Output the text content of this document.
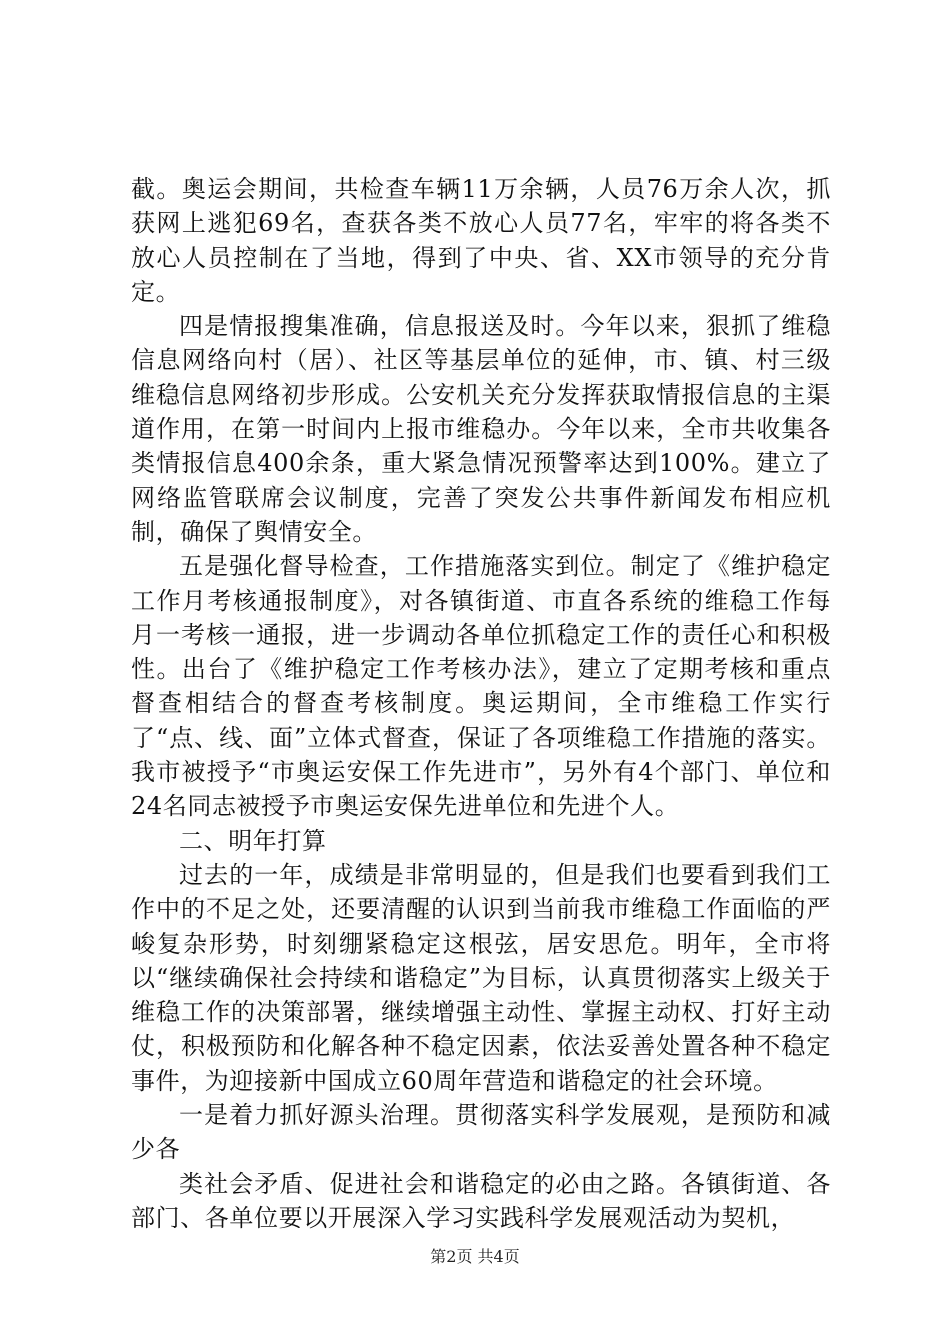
截。奥运会期间，共检查车辆11万余辆，人员76万余人次，抓获网上逃犯69名，查获各类不放心人员77名，牢牢的将各类不放心人员控制在了当地，得到了中央、省、XX市领导的充分肯定。

四是情报搜集准确，信息报送及时。今年以来，狠抓了维稳信息网络向村（居）、社区等基层单位的延伸，市、镇、村三级维稳信息网络初步形成。公安机关充分发挥获取情报信息的主渠道作用，在第一时间内上报市维稳办。今年以来，全市共收集各类情报信息400余条，重大紧急情况预警率达到100%。建立了网络监管联席会议制度，完善了突发公共事件新闻发布相应机制，确保了舆情安全。

五是强化督导检查，工作措施落实到位。制定了《维护稳定工作月考核通报制度》，对各镇街道、市直各系统的维稳工作每月一考核一通报，进一步调动各单位抓稳定工作的责任心和积极性。出台了《维护稳定工作考核办法》，建立了定期考核和重点督查相结合的督查考核制度。奥运期间，全市维稳工作实行了“点、线、面”立体式督查，保证了各项维稳工作措施的落实。我市被授予“市奥运安保工作先进市”，另外有4个部门、单位和24名同志被授予市奥运安保先进单位和先进个人。

二、明年打算

过去的一年，成绩是非常明显的，但是我们也要看到我们工作中的不足之处，还要清醒的认识到当前我市维稳工作面临的严峻复杂形势，时刻绷紧稳定这根弦，居安思危。明年，全市将以“继续确保社会持续和谐稳定”为目标，认真贯彻落实上级关于维稳工作的决策部署，继续增强主动性、掌握主动权、打好主动仗，积极预防和化解各种不稳定因素，依法妥善处置各种不稳定事件，为迎接新中国成立60周年营造和谐稳定的社会环境。

一是着力抓好源头治理。贯彻落实科学发展观，是预防和减少各

类社会矛盾、促进社会和谐稳定的必由之路。各镇街道、各部门、各单位要以开展深入学习实践科学发展观活动为契机，

第2页 共4页
